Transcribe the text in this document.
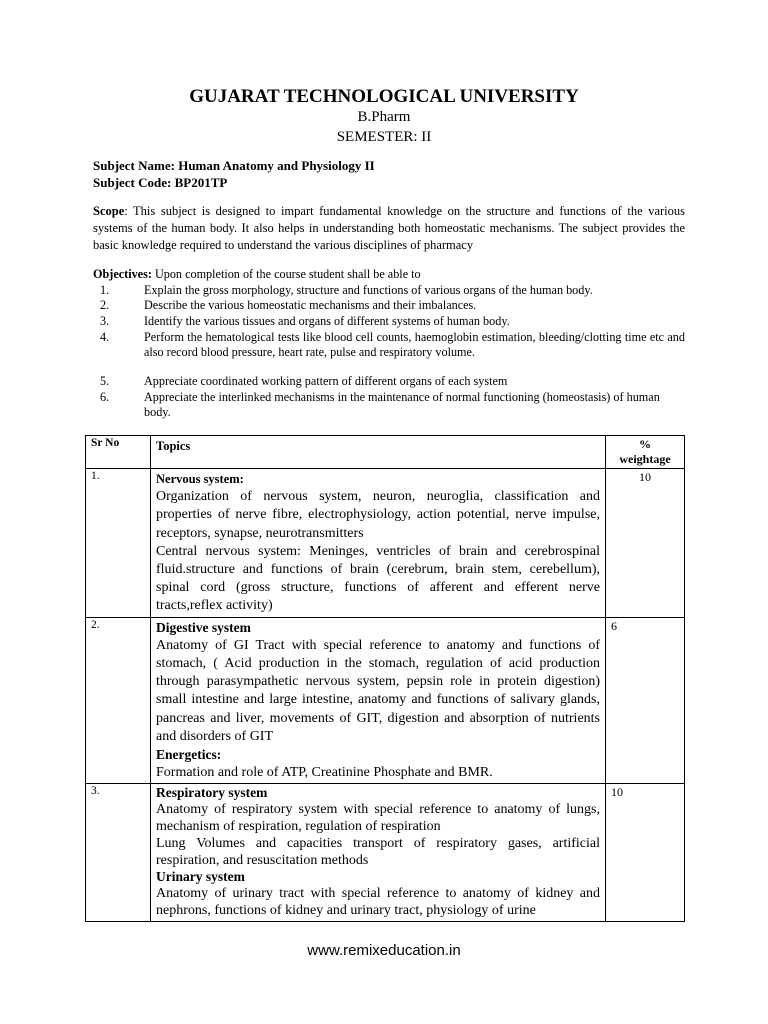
GUJARAT TECHNOLOGICAL UNIVERSITY
B.Pharm
SEMESTER: II
Subject Name: Human Anatomy and Physiology II
Subject Code: BP201TP
Scope: This subject is designed to impart fundamental knowledge on the structure and functions of the various systems of the human body. It also helps in understanding both homeostatic mechanisms. The subject provides the basic knowledge required to understand the various disciplines of pharmacy
Objectives: Upon completion of the course student shall be able to
1.	Explain the gross morphology, structure and functions of various organs of the human body.
2.	Describe the various homeostatic mechanisms and their imbalances.
3.	Identify the various tissues and organs of different systems of human body.
4.	Perform the hematological tests like blood cell counts, haemoglobin estimation, bleeding/clotting time etc and also record blood pressure, heart rate, pulse and respiratory volume.
5.	Appreciate coordinated working pattern of different organs of each system
6.	Appreciate the interlinked mechanisms in the maintenance of normal functioning (homeostasis) of human body.
Sr No	Topics	%
weightage
1.	Nervous system:

Organization of nervous system, neuron, neuroglia, classification and properties of nerve fibre, electrophysiology, action potential, nerve impulse, receptors, synapse, neurotransmitters

Central nervous system: Meninges, ventricles of brain and cerebrospinal fluid.structure and functions of brain (cerebrum, brain stem, cerebellum), spinal cord (gross structure, functions of afferent and efferent nerve tracts,reflex activity)	10
2.	Digestive system

Anatomy of GI Tract with special reference to anatomy and functions of stomach, ( Acid production in the stomach, regulation of acid production through parasympathetic nervous system, pepsin role in protein digestion) small intestine and large intestine, anatomy and functions of salivary glands, pancreas and liver, movements of GIT, digestion and absorption of nutrients and disorders of GIT

Energetics:

Formation and role of ATP, Creatinine Phosphate and BMR.	6
3.	Respiratory system

Anatomy of respiratory system with special reference to anatomy of lungs, mechanism of respiration, regulation of respiration

Lung Volumes and capacities transport of respiratory gases, artificial respiration, and resuscitation methods

Urinary system

Anatomy of urinary tract with special reference to anatomy of kidney and nephrons, functions of kidney and urinary tract, physiology of urine	10
www.remixeducation.in
